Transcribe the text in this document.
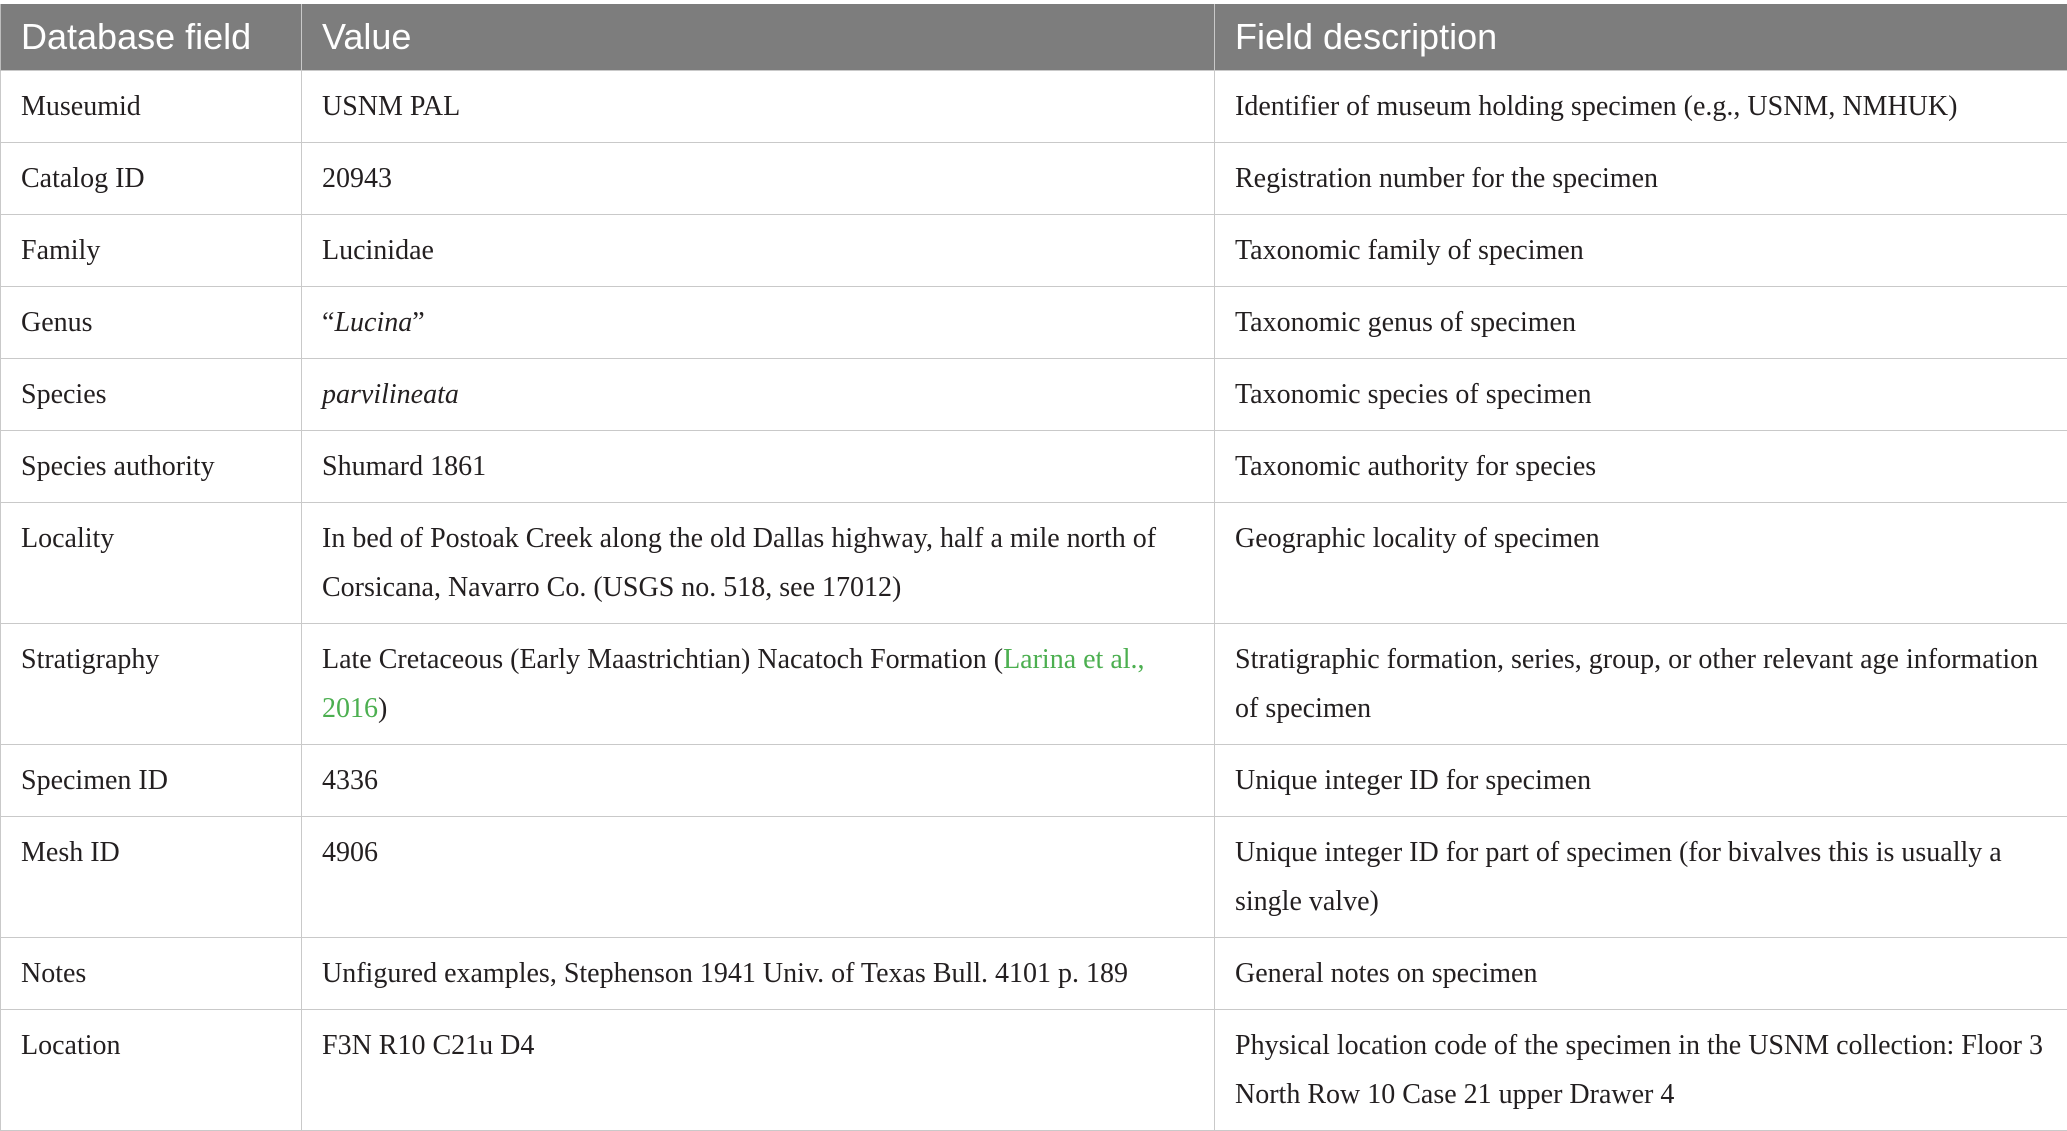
Database field	Value	Field description
Museumid	USNM PAL	Identifier of museum holding specimen (e.g., USNM, NMHUK)
Catalog ID	20943	Registration number for the specimen
Family	Lucinidae	Taxonomic family of specimen
Genus	“Lucina”	Taxonomic genus of specimen
Species	parvilineata	Taxonomic species of specimen
Species authority	Shumard 1861	Taxonomic authority for species
Locality	In bed of Postoak Creek along the old Dallas highway, half a mile north of Corsicana, Navarro Co. (USGS no. 518, see 17012)	Geographic locality of specimen
Stratigraphy	Late Cretaceous (Early Maastrichtian) Nacatoch Formation (Larina et al., 2016)	Stratigraphic formation, series, group, or other relevant age information of specimen
Specimen ID	4336	Unique integer ID for specimen
Mesh ID	4906	Unique integer ID for part of specimen (for bivalves this is usually a single valve)
Notes	Unfigured examples, Stephenson 1941 Univ. of Texas Bull. 4101 p. 189	General notes on specimen
Location	F3N R10 C21u D4	Physical location code of the specimen in the USNM collection: Floor 3 North Row 10 Case 21 upper Drawer 4
